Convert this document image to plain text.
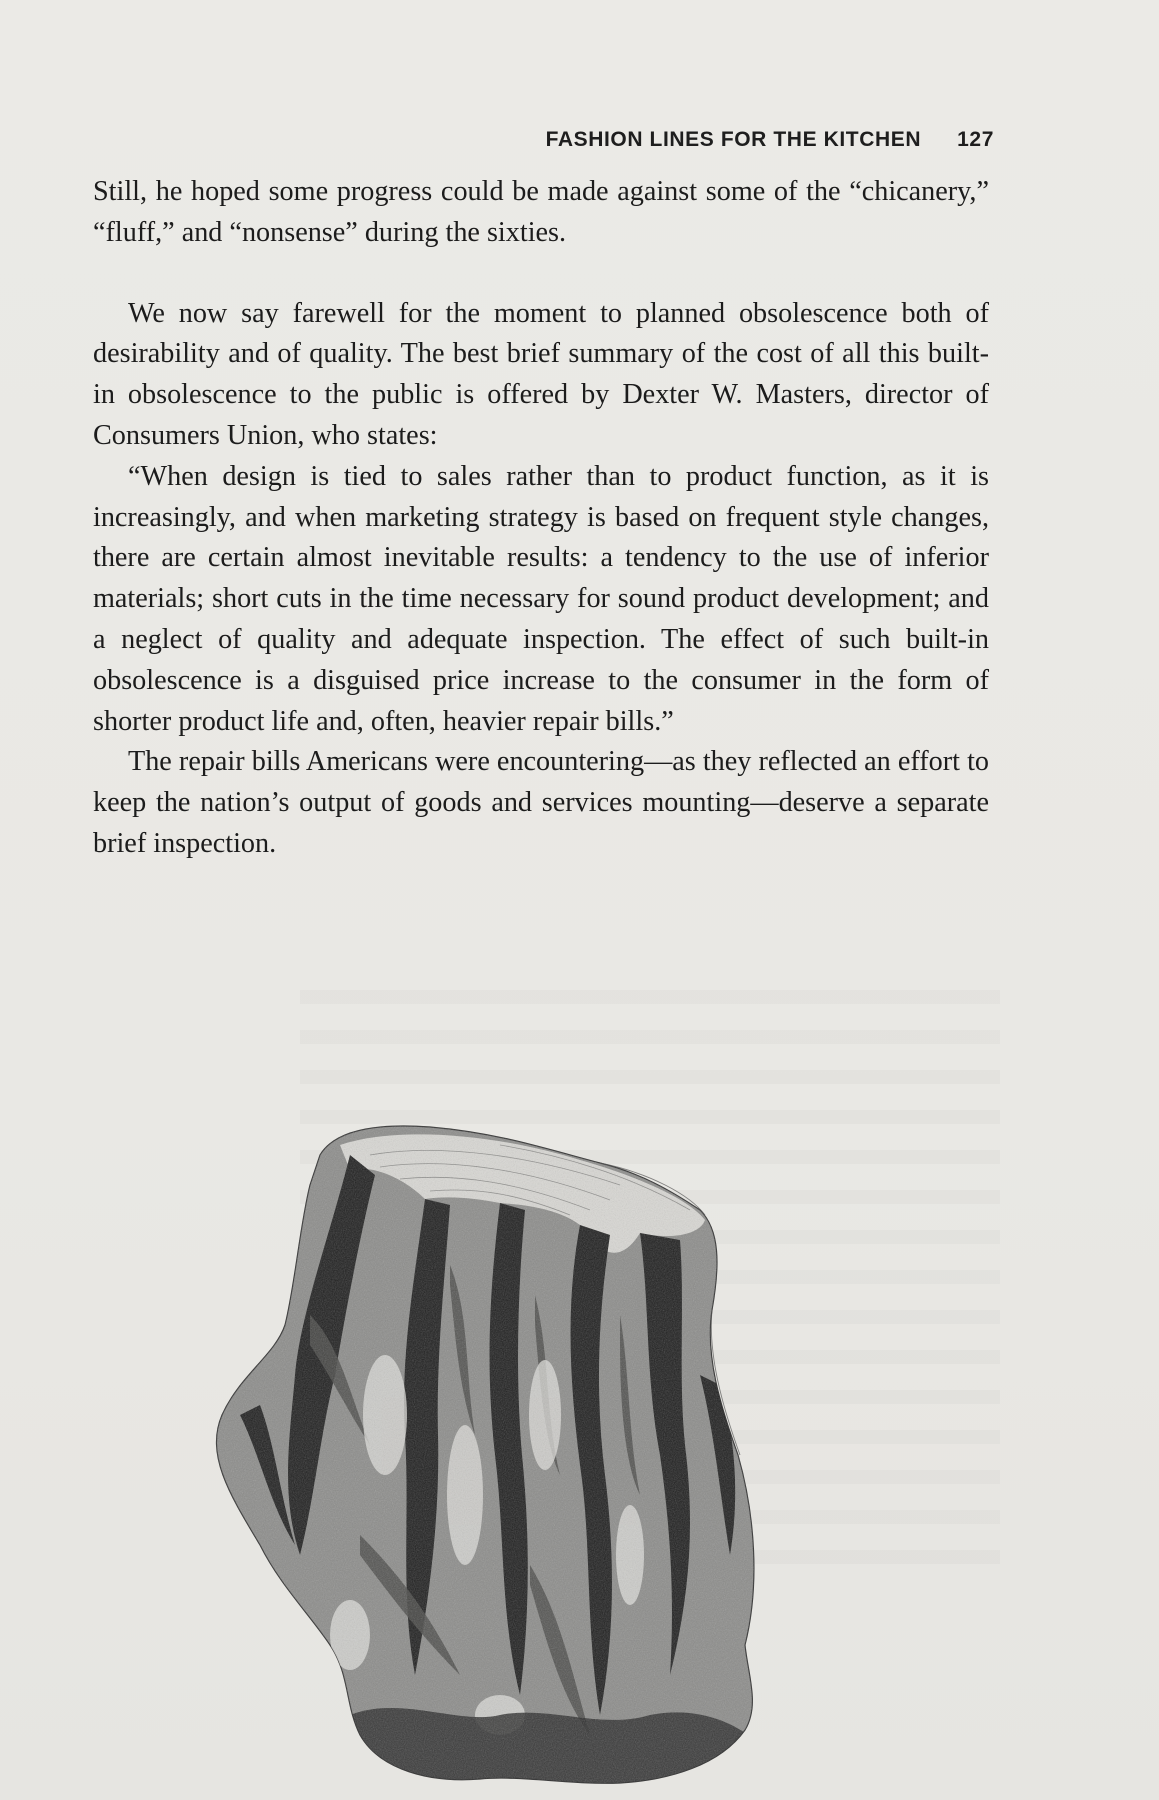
FASHION LINES FOR THE KITCHEN 127

Still, he hoped some progress could be made against some of the “chicanery,” “fluff,” and “nonsense” during the sixties.

We now say farewell for the moment to planned obsolescence both of desirability and of quality. The best brief summary of the cost of all this built-in obsolescence to the public is offered by Dexter W. Masters, director of Consumers Union, who states:

“When design is tied to sales rather than to product function, as it is increasingly, and when marketing strategy is based on frequent style changes, there are certain almost inevitable results: a tendency to the use of inferior materials; short cuts in the time necessary for sound product development; and a neglect of quality and adequate inspection. The effect of such built-in obsolescence is a disguised price increase to the consumer in the form of shorter product life and, often, heavier repair bills.”

The repair bills Americans were encountering—as they reflected an effort to keep the nation’s output of goods and services mounting—deserve a separate brief inspection.
